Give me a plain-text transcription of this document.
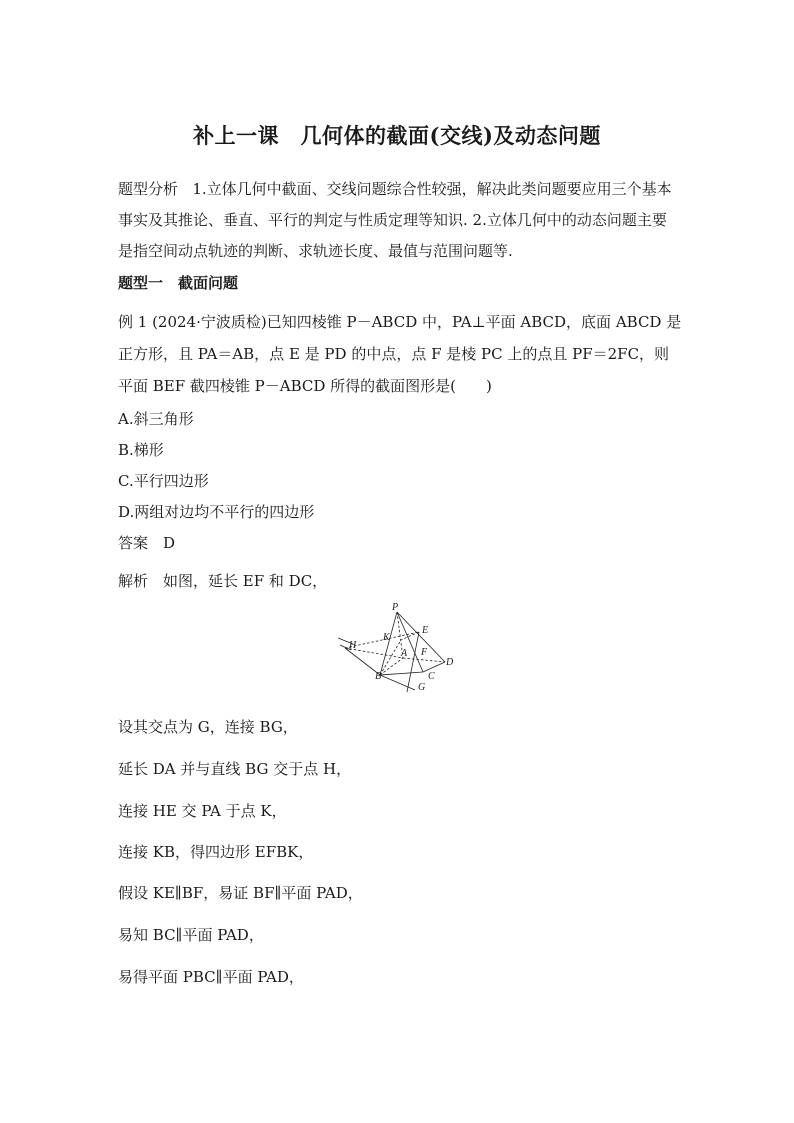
补上一课　几何体的截面(交线)及动态问题
题型分析 1.立体几何中截面、交线问题综合性较强，解决此类问题要应用三个基本事实及其推论、垂直、平行的判定与性质定理等知识. 2.立体几何中的动态问题主要是指空间动点轨迹的判断、求轨迹长度、最值与范围问题等.
题型一　截面问题
例 1 (2024·宁波质检)已知四棱锥 P－ABCD 中，PA⊥平面 ABCD，底面 ABCD 是
正方形，且 PA＝AB，点 E 是 PD 的中点，点 F 是棱 PC 上的点且 PF＝2FC，则
平面 BEF 截四棱锥 P－ABCD 所得的截面图形是(　　)
A.斜三角形
B.梯形
C.平行四边形
D.两组对边均不平行的四边形
答案　D
解析　如图，延长 EF 和 DC，
P
K
E
H
A F
D
B	C
G
设其交点为 G，连接 BG，
延长 DA 并与直线 BG 交于点 H，
连接 HE 交 PA 于点 K，
连接 KB，得四边形 EFBK，
假设 KE∥BF，易证 BF∥平面 PAD，
易知 BC∥平面 PAD，
易得平面 PBC∥平面 PAD，
